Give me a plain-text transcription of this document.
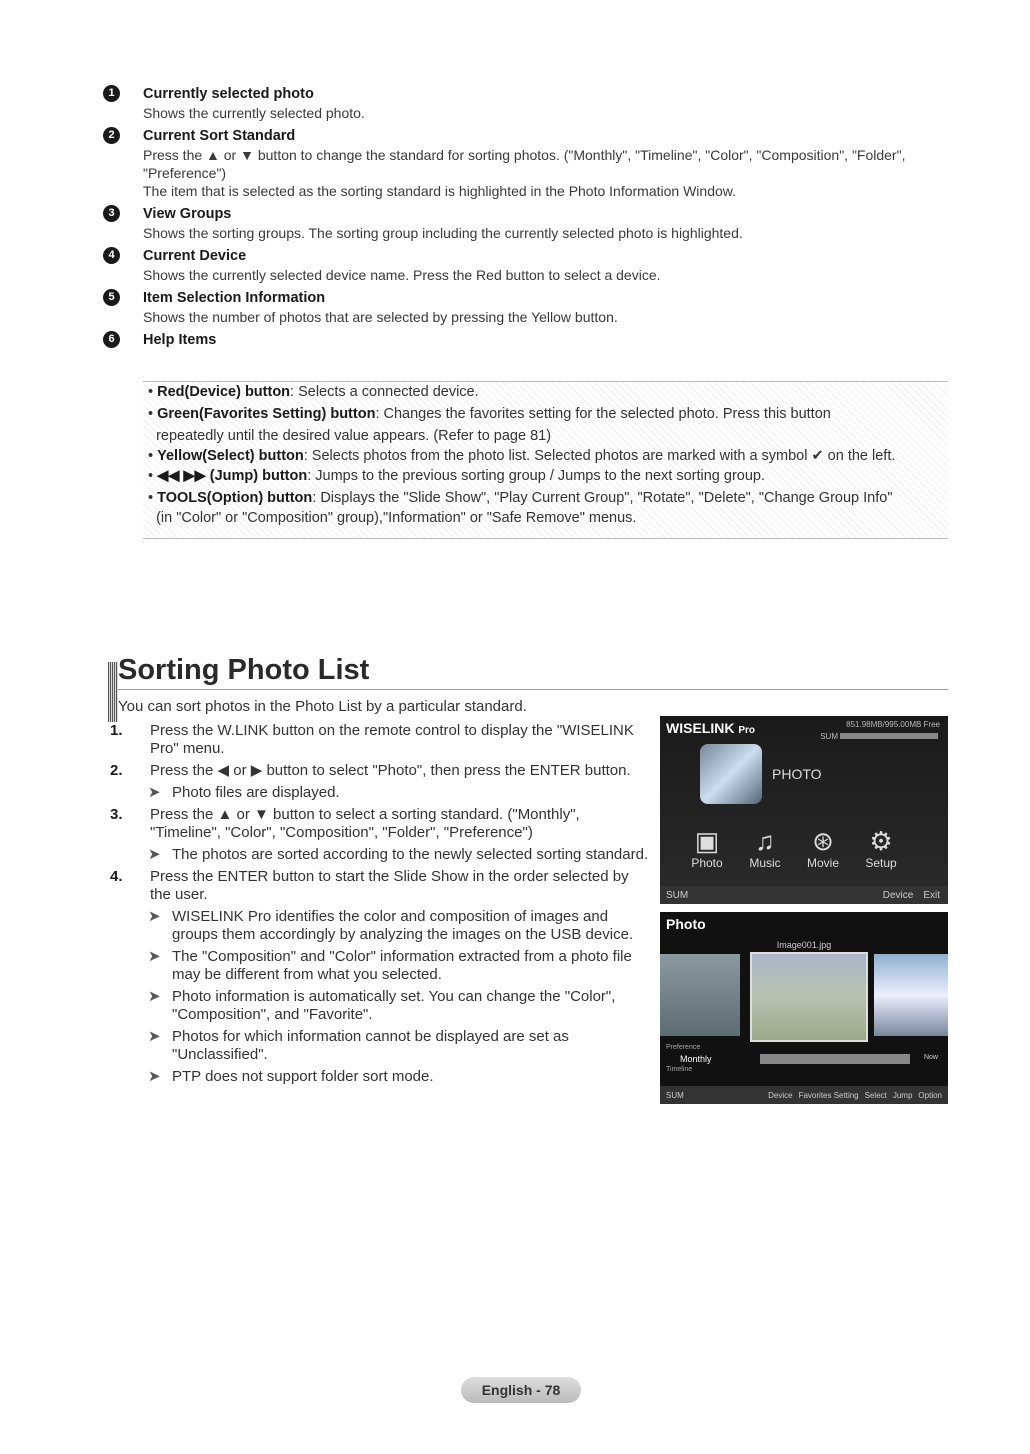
1	Currently selected photo
Shows the currently selected photo.
2	Current Sort Standard
Press the ▲ or ▼ button to change the standard for sorting photos. ("Monthly", "Timeline", "Color", "Composition", "Folder", "Preference")
The item that is selected as the sorting standard is highlighted in the Photo Information Window.
3	View Groups
Shows the sorting groups. The sorting group including the currently selected photo is highlighted.
4	Current Device
Shows the currently selected device name. Press the Red button to select a device.
5	Item Selection Information
Shows the number of photos that are selected by pressing the Yellow button.
6	Help Items
• Red(Device) button: Selects a connected device.
• Green(Favorites Setting) button: Changes the favorites setting for the selected photo. Press this button
repeatedly until the desired value appears. (Refer to page 81)
• Yellow(Select) button: Selects photos from the photo list. Selected photos are marked with a symbol ✔ on the left.
• ◀◀ ▶▶ (Jump) button: Jumps to the previous sorting group / Jumps to the next sorting group.
• TOOLS(Option) button: Displays the "Slide Show", "Play Current Group", "Rotate", "Delete", "Change Group Info"
(in "Color" or "Composition" group),"Information" or "Safe Remove" menus.
Sorting Photo List
You can sort photos in the Photo List by a particular standard.
1. Press the W.LINK button on the remote control to display the "WISELINK Pro" menu.
2. Press the ◀ or ▶ button to select "Photo", then press the ENTER button.
➤ Photo files are displayed.
3. Press the ▲ or ▼ button to select a sorting standard. ("Monthly", "Timeline", "Color", "Composition", "Folder", "Preference")
➤ The photos are sorted according to the newly selected sorting standard.
4. Press the ENTER button to start the Slide Show in the order selected by the user.
➤ WISELINK Pro identifies the color and composition of images and groups them accordingly by analyzing the images on the USB device.
➤ The "Composition" and "Color" information extracted from a photo file may be different from what you selected.
➤ Photo information is automatically set. You can change the "Color", "Composition", and "Favorite".
➤ Photos for which information cannot be displayed are set as "Unclassified".
➤ PTP does not support folder sort mode.
WISELINK Pro
851.98MB/995.00MB Free
SUM
PHOTO
▣
Photo
♫
Music
⊛
Movie
⚙
Setup
SUM	Device Exit
Photo
Image001.jpg
Preference
Monthly
Timeline
Now
SUM	Device Favorites Setting Select Jump Option
English - 78
